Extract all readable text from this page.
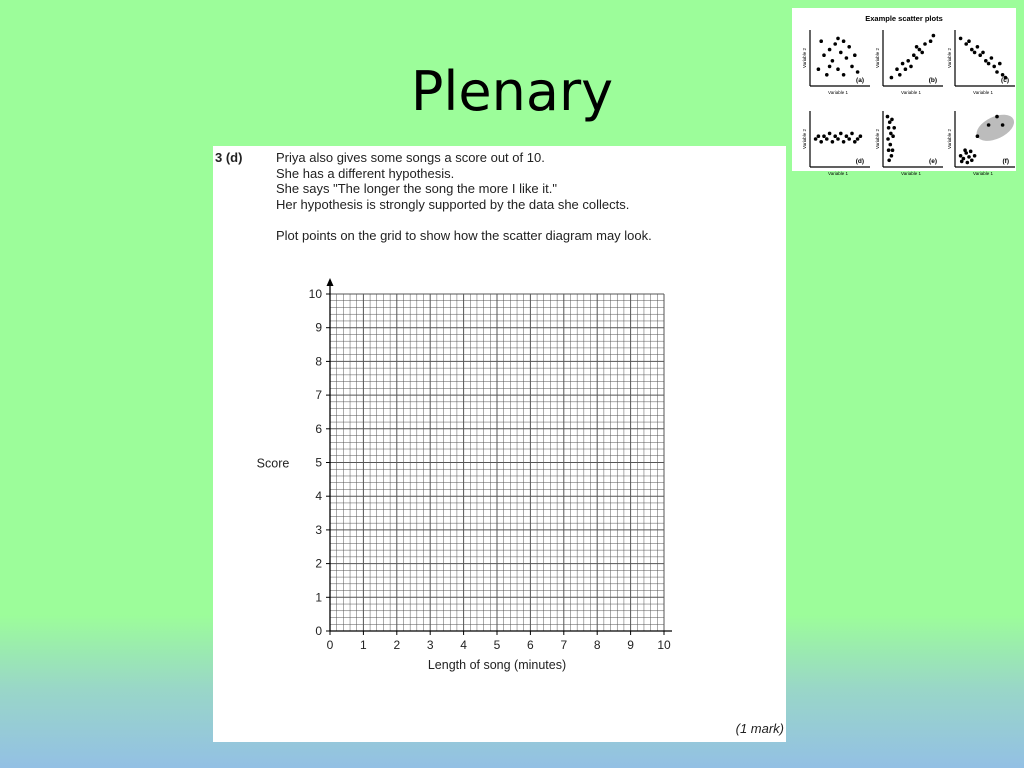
Plenary
3 (d)	Priya also gives some songs a score out of 10.
She has a different hypothesis.
She says "The longer the song the more I like it."
Her hypothesis is strongly supported by the data she collects.
Plot points on the grid to show how the scatter diagram may look.
0 1 2 3 4 5 6 7 8 9 10
0
1
2
3
4
5
6
7
8
9
10
Length of song (minutes)
Score
(1 mark)
(a)
Variable 1
Variable 2
(b)
Variable 1
Variable 2
(c)
Variable 1
Variable 2
(d)
Variable 1
Variable 2
(e)
Variable 1
Variable 2
(f)
Variable 1
Variable 2
Example scatter plots
